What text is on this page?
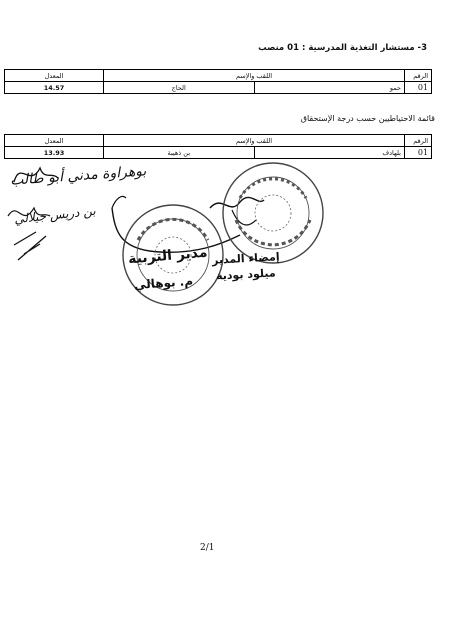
3- مستشار التغذية المدرسية : 01 منصب
الرقم	اللقب والإسم		المعدل
01	حمو	الحاج	14.57
قائمة الاحتياطيين حسب درجة الإستحقاق
الرقم	اللقب والإسم		المعدل
01	بلهادف	بن ذهيبة	13.93
بوهراوة مدني أبو طالب
بن دريس جيلالي
مدير التربية
م. بوهالي
إمضاء المدير
ميلود بودية
2/1
